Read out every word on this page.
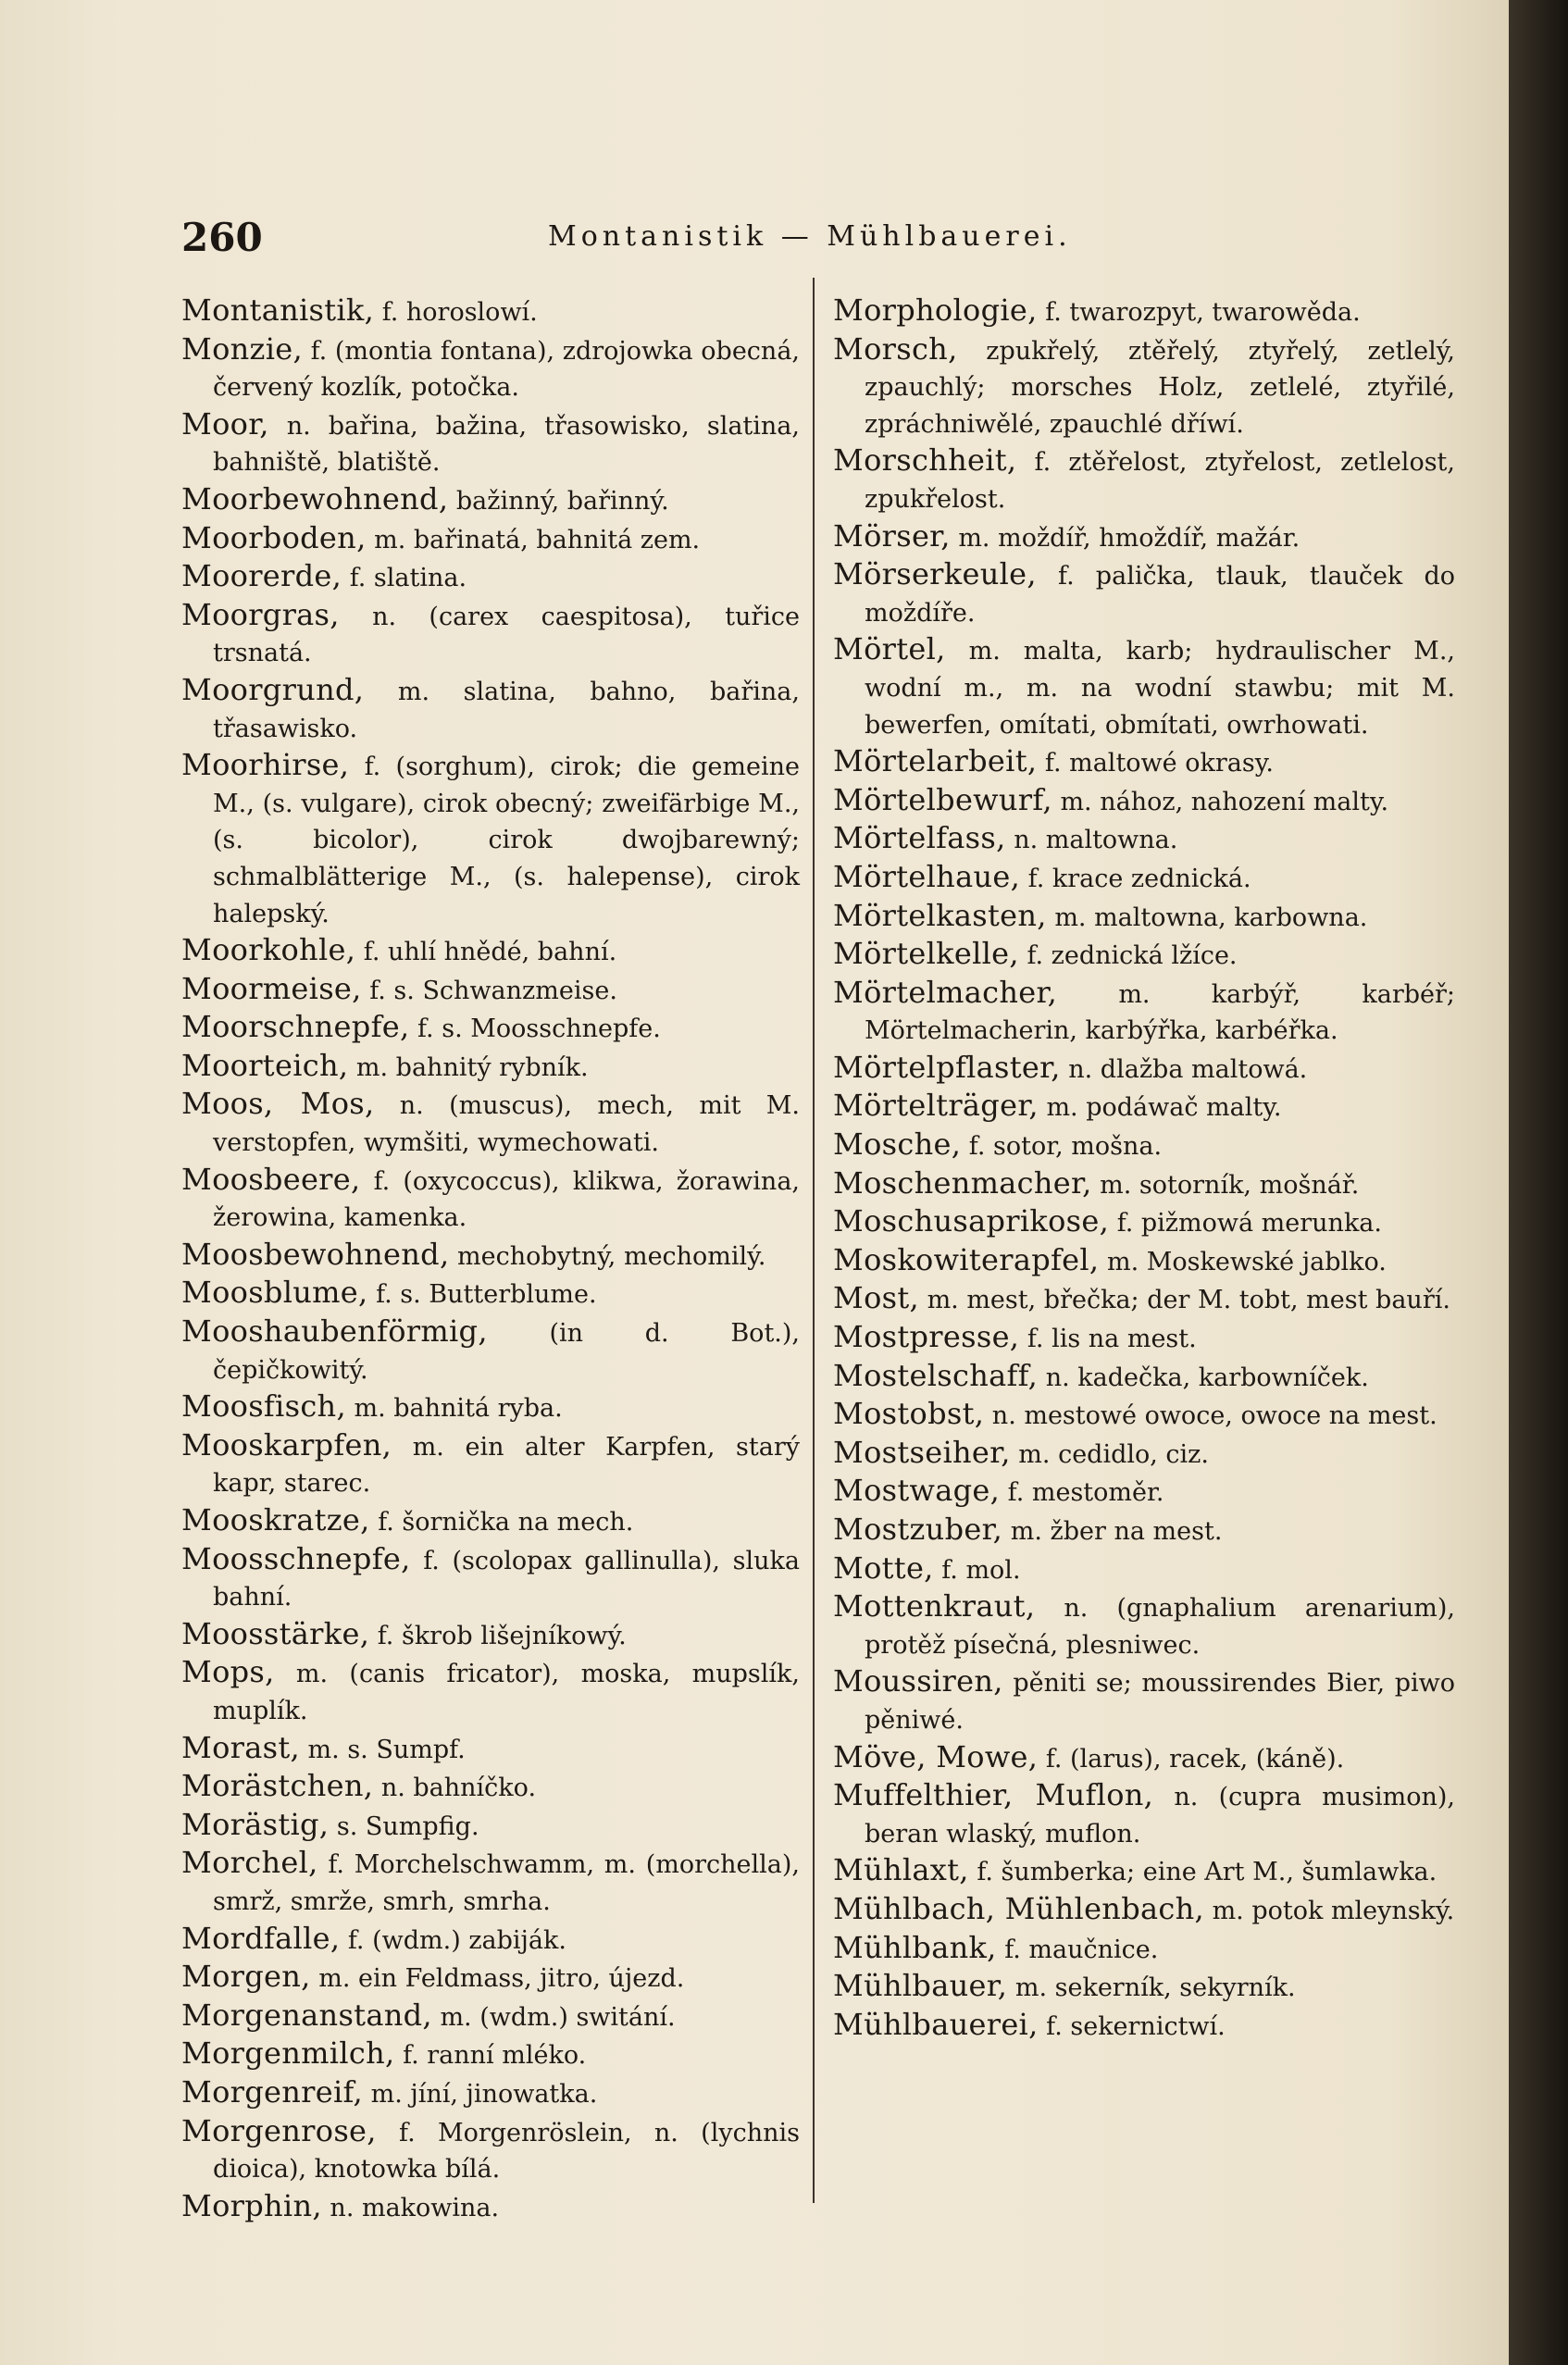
260	Montanistik — Mühlbauerei.
Montanistik, f. horoslowí.
Monzie, f. (montia fontana), zdrojowka obecná, červený kozlík, potočka.
Moor, n. bařina, bažina, třasowisko, slatina, bahniště, blatiště.
Moorbewohnend, bažinný, bařinný.
Moorboden, m. bařinatá, bahnitá zem.
Moorerde, f. slatina.
Moorgras, n. (carex caespitosa), tuřice trsnatá.
Moorgrund, m. slatina, bahno, bařina, třasawisko.
Moorhirse, f. (sorghum), cirok; die gemeine M., (s. vulgare), cirok obecný; zweifärbige M., (s. bicolor), cirok dwojbarewný; schmalblätterige M., (s. halepense), cirok halepský.
Moorkohle, f. uhlí hnědé, bahní.
Moormeise, f. s. Schwanzmeise.
Moorschnepfe, f. s. Moosschnepfe.
Moorteich, m. bahnitý rybník.
Moos, Mos, n. (muscus), mech, mit M. verstopfen, wymšiti, wymechowati.
Moosbeere, f. (oxycoccus), klikwa, žorawina, žerowina, kamenka.
Moosbewohnend, mechobytný, mechomilý.
Moosblume, f. s. Butterblume.
Mooshaubenförmig, (in d. Bot.), čepičkowitý.
Moosfisch, m. bahnitá ryba.
Mooskarpfen, m. ein alter Karpfen, starý kapr, starec.
Mooskratze, f. šornička na mech.
Moosschnepfe, f. (scolopax gallinulla), sluka bahní.
Moosstärke, f. škrob lišejníkowý.
Mops, m. (canis fricator), moska, mupslík, muplík.
Morast, m. s. Sumpf.
Morästchen, n. bahníčko.
Morästig, s. Sumpfig.
Morchel, f. Morchelschwamm, m. (morchella), smrž, smrže, smrh, smrha.
Mordfalle, f. (wdm.) zabiják.
Morgen, m. ein Feldmass, jitro, újezd.
Morgenanstand, m. (wdm.) switání.
Morgenmilch, f. ranní mléko.
Morgenreif, m. jíní, jinowatka.
Morgenrose, f. Morgenröslein, n. (lychnis dioica), knotowka bílá.
Morphin, n. makowina.
Morphologie, f. twarozpyt, twarowěda.
Morsch, zpukřelý, ztěřelý, ztyřelý, zetlelý, zpauchlý; morsches Holz, zetlelé, ztyřilé, zpráchniwělé, zpauchlé dříwí.
Morschheit, f. ztěřelost, ztyřelost, zetlelost, zpukřelost.
Mörser, m. moždíř, hmoždíř, mažár.
Mörserkeule, f. palička, tlauk, tlauček do moždíře.
Mörtel, m. malta, karb; hydraulischer M., wodní m., m. na wodní stawbu; mit M. bewerfen, omítati, obmítati, owrhowati.
Mörtelarbeit, f. maltowé okrasy.
Mörtelbewurf, m. nához, nahození malty.
Mörtelfass, n. maltowna.
Mörtelhaue, f. krace zednická.
Mörtelkasten, m. maltowna, karbowna.
Mörtelkelle, f. zednická lžíce.
Mörtelmacher, m. karbýř, karbéř; Mörtelmacherin, karbýřka, karbéřka.
Mörtelpflaster, n. dlažba maltowá.
Mörtelträger, m. podáwač malty.
Mosche, f. sotor, mošna.
Moschenmacher, m. sotorník, mošnář.
Moschusaprikose, f. pižmowá merunka.
Moskowiterapfel, m. Moskewské jablko.
Most, m. mest, břečka; der M. tobt, mest bauří.
Mostpresse, f. lis na mest.
Mostelschaff, n. kadečka, karbowníček.
Mostobst, n. mestowé owoce, owoce na mest.
Mostseiher, m. cedidlo, ciz.
Mostwage, f. mestoměr.
Mostzuber, m. žber na mest.
Motte, f. mol.
Mottenkraut, n. (gnaphalium arenarium), protěž písečná, plesniwec.
Moussiren, pěniti se; moussirendes Bier, piwo pěniwé.
Möve, Mowe, f. (larus), racek, (káně).
Muffelthier, Muflon, n. (cupra musimon), beran wlaský, muflon.
Mühlaxt, f. šumberka; eine Art M., šumlawka.
Mühlbach, Mühlenbach, m. potok mleynský.
Mühlbank, f. maučnice.
Mühlbauer, m. sekerník, sekyrník.
Mühlbauerei, f. sekernictwí.
